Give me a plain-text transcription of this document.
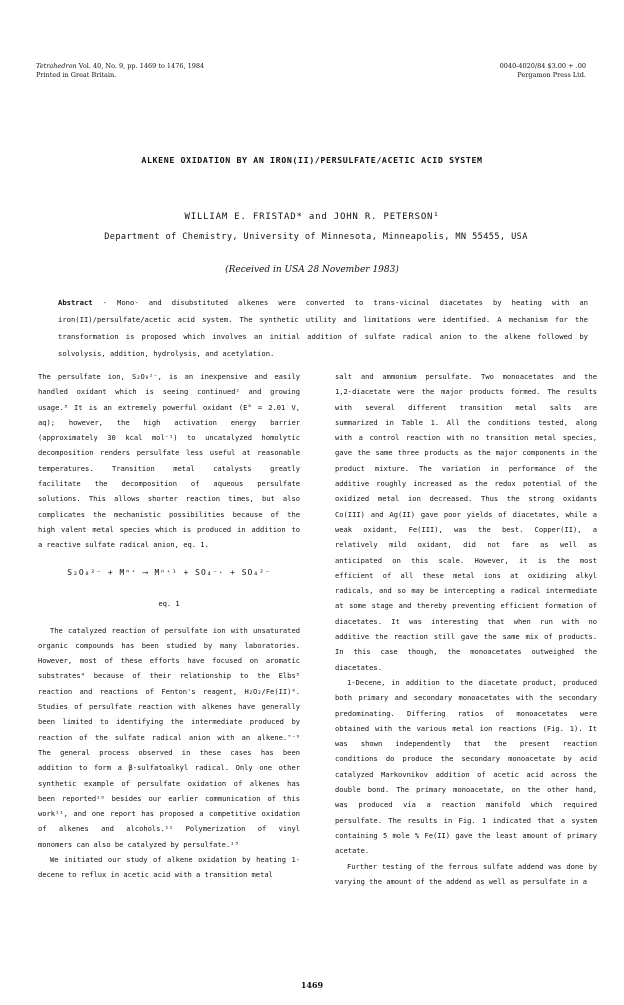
Tetrahedron Vol. 40, No. 9, pp. 1469 to 1476, 1984
Printed in Great Britain.
0040-4020/84 $3.00 + .00
Pergamon Press Ltd.
ALKENE OXIDATION BY AN IRON(II)/PERSULFATE/ACETIC ACID SYSTEM
WILLIAM E. FRISTAD* and JOHN R. PETERSON¹
Department of Chemistry, University of Minnesota, Minneapolis, MN 55455, USA
(Received in USA 28 November 1983)
Abstract - Mono- and disubstituted alkenes were converted to trans-vicinal diacetates by heating with an iron(II)/persulfate/acetic acid system. The synthetic utility and limitations were identified. A mechanism for the transformation is proposed which involves an initial addition of sulfate radical anion to the alkene followed by solvolysis, addition, hydrolysis, and acetylation.
The persulfate ion, S₂O₈²⁻, is an inexpensive and easily
handled oxidant which is seeing continued² and growing
usage.³ It is an extremely powerful oxidant (E° = 2.01 V,
aq); however, the high activation energy barrier
(approximately 30 kcal mol⁻¹) to uncatalyzed homolytic
decomposition renders persulfate less useful at reasonable
temperatures. Transition metal catalysts greatly
facilitate the decomposition of aqueous persulfate
solutions. This allows shorter reaction times, but also
complicates the mechanistic possibilities because of the
high valent metal species which is produced in addition to
a reactive sulfate radical anion, eq. 1.
S₂O₈²⁻ + Mⁿ⁺ ⟶ Mⁿ⁺¹ + SO₄⁻· + SO₄²⁻
eq. 1
The catalyzed reaction of persulfate ion with unsaturated
organic compounds has been studied by many laboratories.
However, most of these efforts have focused on aromatic
substrates⁴ because of their relationship to the Elbs⁵
reaction and reactions of Fenton's reagent, H₂O₂/Fe(II)⁶.
Studies of persulfate reaction with alkenes have generally
been limited to identifying the intermediate produced by
reaction of the sulfate radical anion with an alkene.⁷⁻⁹
The general process observed in these cases has been
addition to form a β-sulfatoalkyl radical. Only one other
synthetic example of persulfate oxidation of alkenes has
been reported¹⁰ besides our earlier communication of this
work¹¹, and one report has proposed a competitive oxidation
of alkenes and alcohols.¹² Polymerization of vinyl
monomers can also be catalyzed by persulfate.¹³
We initiated our study of alkene oxidation by heating 1-
decene to reflux in acetic acid with a transition metal
salt and ammonium persulfate. Two monoacetates and the
1,2-diacetate were the major products formed. The results
with several different transition metal salts are
summarized in Table 1. All the conditions tested, along
with a control reaction with no transition metal species,
gave the same three products as the major components in the
product mixture. The variation in performance of the
additive roughly increased as the redox potential of the
oxidized metal ion decreased. Thus the strong oxidants
Co(III) and Ag(II) gave poor yields of diacetates, while a
weak oxidant, Fe(III), was the best. Copper(II), a
relatively mild oxidant, did not fare as well as
anticipated on this scale. However, it is the most
efficient of all these metal ions at oxidizing alkyl
radicals, and so may be intercepting a radical intermediate
at some stage and thereby preventing efficient formation of
diacetates. It was interesting that when run with no
additive the reaction still gave the same mix of products.
In this case though, the monoacetates outweighed the
diacetates.
1-Decene, in addition to the diacetate product, produced
both primary and secondary monoacetates with the secondary
predominating. Differing ratios of monoacetates were
obtained with the various metal ion reactions (Fig. 1). It
was shown independently that the present reaction
conditions do produce the secondary monoacetate by acid
catalyzed Markovnikov addition of acetic acid across the
double bond. The primary monoacetate, on the other hand,
was produced via a reaction manifold which required
persulfate. The results in Fig. 1 indicated that a system
containing 5 mole % Fe(II) gave the least amount of primary
acetate.
Further testing of the ferrous sulfate addend was done by
varying the amount of the addend as well as persulfate in a
1469
